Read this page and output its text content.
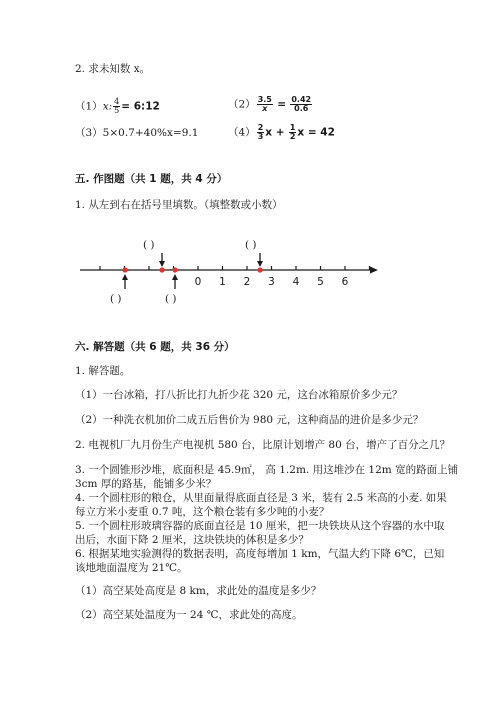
2. 求未知数 x。
（1）x: $\frac{4}{5}$ = 6:12	$(2) \frac{3.5}{x} = \frac{0.42}{0.6}$
（3）5×0.7+40%x=9.1	$(4) \frac{2}{3}$ $x + \frac{1}{2}$ x = 42
五. 作图题（共 1 题，共 4 分）
1. 从左到右在括号里填数。（填整数或小数）
( )	( )
( )	( )
0 1 2 3 4 5 6
六. 解答题（共 6 题，共 36 分）
1. 解答题。
（1）一台冰箱，打八折比打九折少花 320 元，这台冰箱原价多少元？
（2）一种洗衣机加价二成五后售价为 980 元，这种商品的进价是多少元？
2. 电视机厂九月份生产电视机 580 台，比原计划增产 80 台，增产了百分之几？
3. 一个圆锥形沙堆，底面积是 45.9㎡， 高 1.2m. 用这堆沙在 12m 宽的路面上铺
3cm 厚的路基，能铺多少米？
4. 一个圆柱形的粮仓，从里面量得底面直径是 3 米，装有 2.5 米高的小麦. 如果
每立方米小麦重 0.7 吨，这个粮仓装有多少吨的小麦？
5. 一个圆柱形玻璃容器的底面直径是 10 厘米，把一块铁块从这个容器的水中取
出后，水面下降 2 厘米，这块铁块的体积是多少？
6. 根据某地实验测得的数据表明，高度每增加 1 km，气温大约下降 6℃，已知
该地地面温度为 21℃。
（1）高空某处高度是 8 km，求此处的温度是多少？
（2）高空某处温度为一 24 ℃，求此处的高度。
